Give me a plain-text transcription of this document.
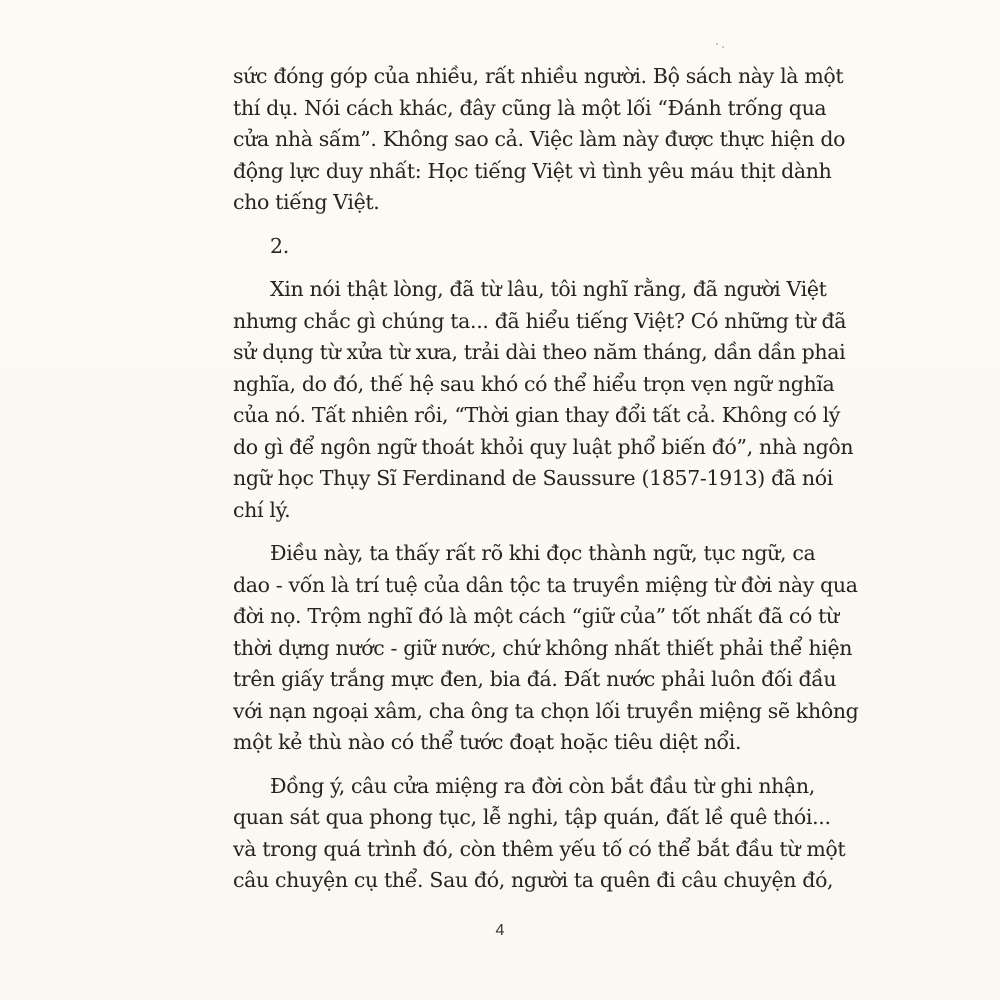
sức đóng góp của nhiều, rất nhiều người. Bộ sách này là một
thí dụ. Nói cách khác, đây cũng là một lối “Đánh trống qua
cửa nhà sấm”. Không sao cả. Việc làm này được thực hiện do
động lực duy nhất: Học tiếng Việt vì tình yêu máu thịt dành
cho tiếng Việt.
2.
Xin nói thật lòng, đã từ lâu, tôi nghĩ rằng, đã người Việt
nhưng chắc gì chúng ta... đã hiểu tiếng Việt? Có những từ đã
sử dụng từ xửa từ xưa, trải dài theo năm tháng, dần dần phai
nghĩa, do đó, thế hệ sau khó có thể hiểu trọn vẹn ngữ nghĩa
của nó. Tất nhiên rồi, “Thời gian thay đổi tất cả. Không có lý
do gì để ngôn ngữ thoát khỏi quy luật phổ biến đó”, nhà ngôn
ngữ học Thụy Sĩ Ferdinand de Saussure (1857-1913) đã nói
chí lý.
Điều này, ta thấy rất rõ khi đọc thành ngữ, tục ngữ, ca
dao - vốn là trí tuệ của dân tộc ta truyền miệng từ đời này qua
đời nọ. Trộm nghĩ đó là một cách “giữ của” tốt nhất đã có từ
thời dựng nước - giữ nước, chứ không nhất thiết phải thể hiện
trên giấy trắng mực đen, bia đá. Đất nước phải luôn đối đầu
với nạn ngoại xâm, cha ông ta chọn lối truyền miệng sẽ không
một kẻ thù nào có thể tước đoạt hoặc tiêu diệt nổi.
4
Đồng ý, câu cửa miệng ra đời còn bắt đầu từ ghi nhận,
quan sát qua phong tục, lễ nghi, tập quán, đất lề quê thói...
và trong quá trình đó, còn thêm yếu tố có thể bắt đầu từ một
câu chuyện cụ thể. Sau đó, người ta quên đi câu chuyện đó,
